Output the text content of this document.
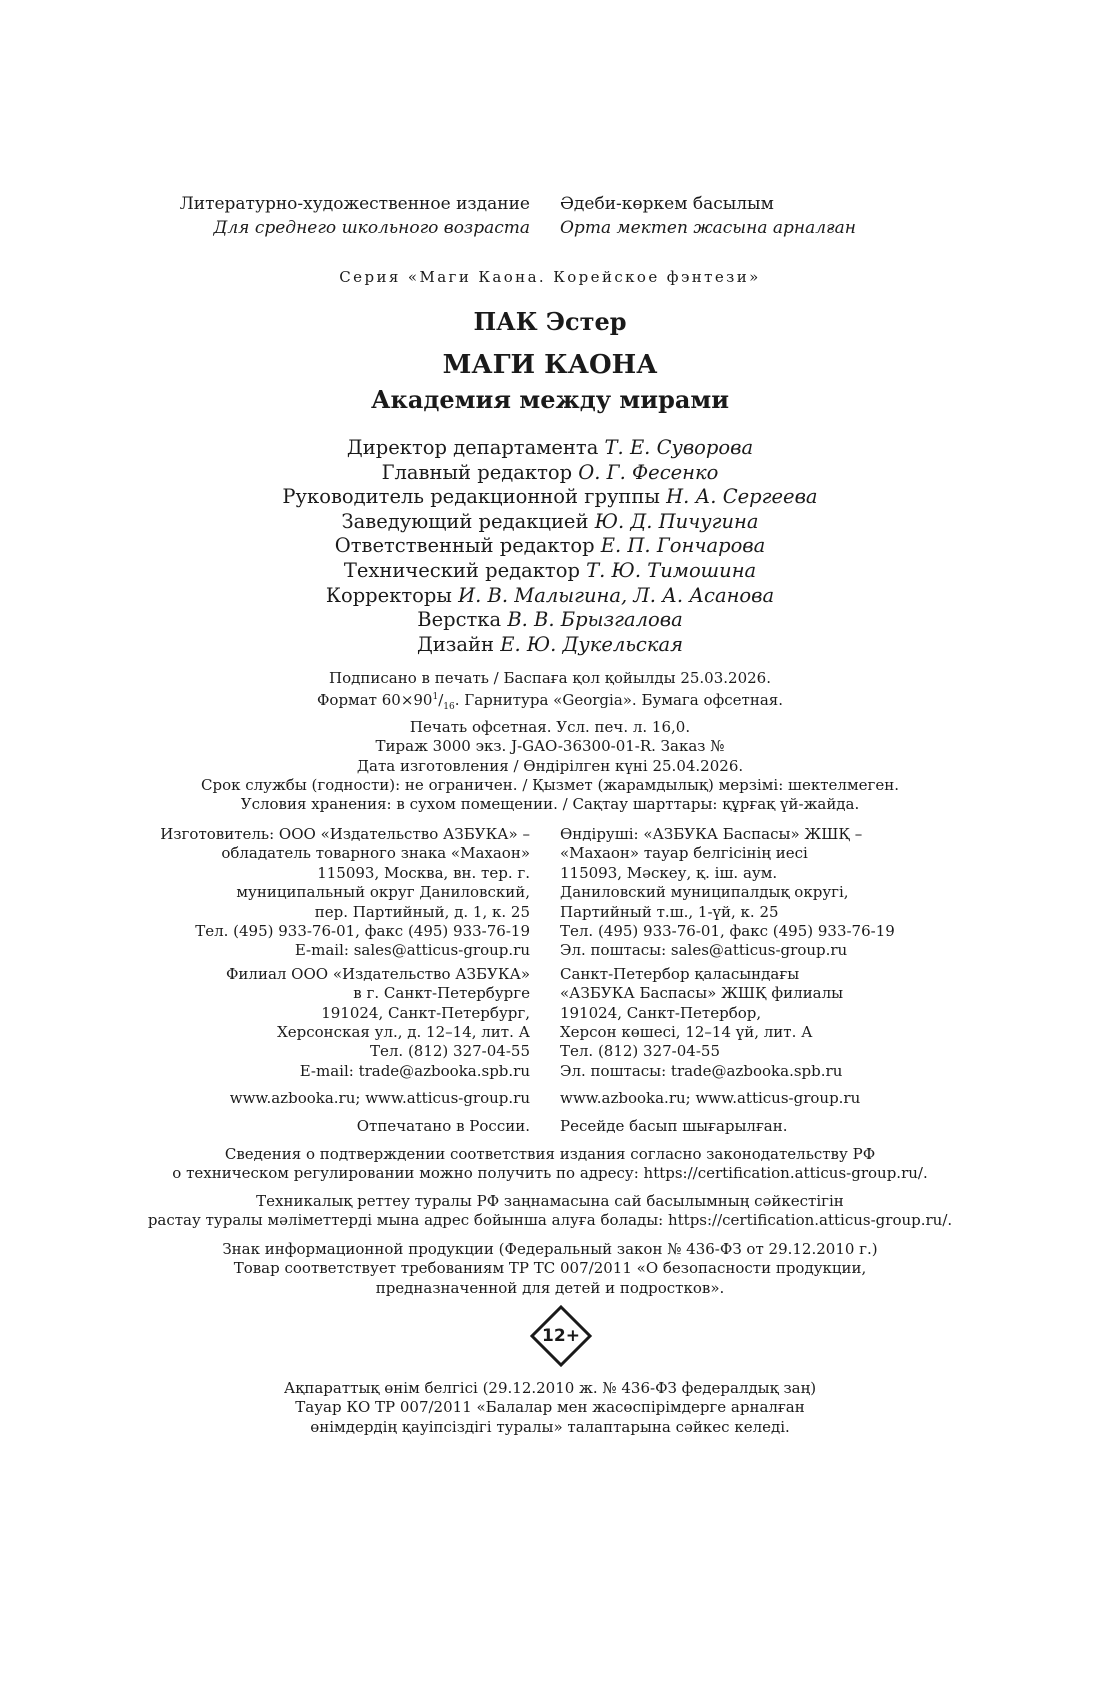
Литературно-художественное издание
Для среднего школьного возраста
Әдеби-көркем басылым
Орта мектеп жасына арналған
Серия «Маги Каона. Корейское фэнтези»
ПАК Эстер
МАГИ КАОНА
Академия между мирами
Директор департамента Т. Е. Суворова
Главный редактор О. Г. Фесенко
Руководитель редакционной группы Н. А. Сергеева
Заведующий редакцией Ю. Д. Пичугина
Ответственный редактор Е. П. Гончарова
Технический редактор Т. Ю. Тимошина
Корректоры И. В. Малыгина, Л. А. Асанова
Верстка В. В. Брызгалова
Дизайн Е. Ю. Дукельская
Подписано в печать / Баспаға қол қойылды 25.03.2026.
Формат $60\times 90^1/_{16}$. Гарнитура «Georgia». Бумага офсетная.
Печать офсетная. Усл. печ. л. 16,0.
Тираж 3000 экз. J-GAO-36300-01-R. Заказ №
Дата изготовления / Өндірілген күні 25.04.2026.
Срок службы (годности): не ограничен. / Қызмет (жарамдылық) мерзімі: шектелмеген.
Условия хранения: в сухом помещении. / Сақтау шарттары: құрғақ үй-жайда.
Изготовитель: ООО «Издательство АЗБУКА» –
обладатель товарного знака «Махаон»
115093, Москва, вн. тер. г.
муниципальный округ Даниловский,
пер. Партийный, д. 1, к. 25
Тел. (495) 933-76-01, факс (495) 933-76-19
E-mail: sales@atticus-group.ru
Филиал ООО «Издательство АЗБУКА»
в г. Санкт-Петербурге
191024, Санкт-Петербург,
Херсонская ул., д. 12–14, лит. А
Тел. (812) 327-04-55
E-mail: trade@azbooka.spb.ru
www.azbooka.ru; www.atticus-group.ru
Отпечатано в России.
Өндіруші: «АЗБУКА Баспасы» ЖШҚ –
«Махаон» тауар белгісінің иесі
115093, Мәскеу, қ. іш. аум.
Даниловский муниципалдық округі,
Партийный т.ш., 1-үй, к. 25
Тел. (495) 933-76-01, факс (495) 933-76-19
Эл. поштасы: sales@atticus-group.ru
Санкт-Петербор қаласындағы
«АЗБУКА Баспасы» ЖШҚ филиалы
191024, Санкт-Петербор,
Херсон көшесі, 12–14 үй, лит. А
Тел. (812) 327-04-55
Эл. поштасы: trade@azbooka.spb.ru
www.azbooka.ru; www.atticus-group.ru
Ресейде басып шығарылған.
Сведения о подтверждении соответствия издания согласно законодательству РФ
о техническом регулировании можно получить по адресу: https://certification.atticus-group.ru/.
Техникалық реттеу туралы РФ заңнамасына сай басылымның сәйкестігін
растау туралы мәліметтерді мына адрес бойынша алуға болады: https://certification.atticus-group.ru/.
Знак информационной продукции (Федеральный закон № 436-ФЗ от 29.12.2010 г.)
Товар соответствует требованиям ТР ТС 007/2011 «О безопасности продукции,
предназначенной для детей и подростков».
12+
Ақпараттық өнім белгісі (29.12.2010 ж. № 436-ФЗ федералдық заң)
Тауар КО ТР 007/2011 «Балалар мен жасөспірімдерге арналған
өнімдердің қауіпсіздігі туралы» талаптарына сәйкес келеді.
